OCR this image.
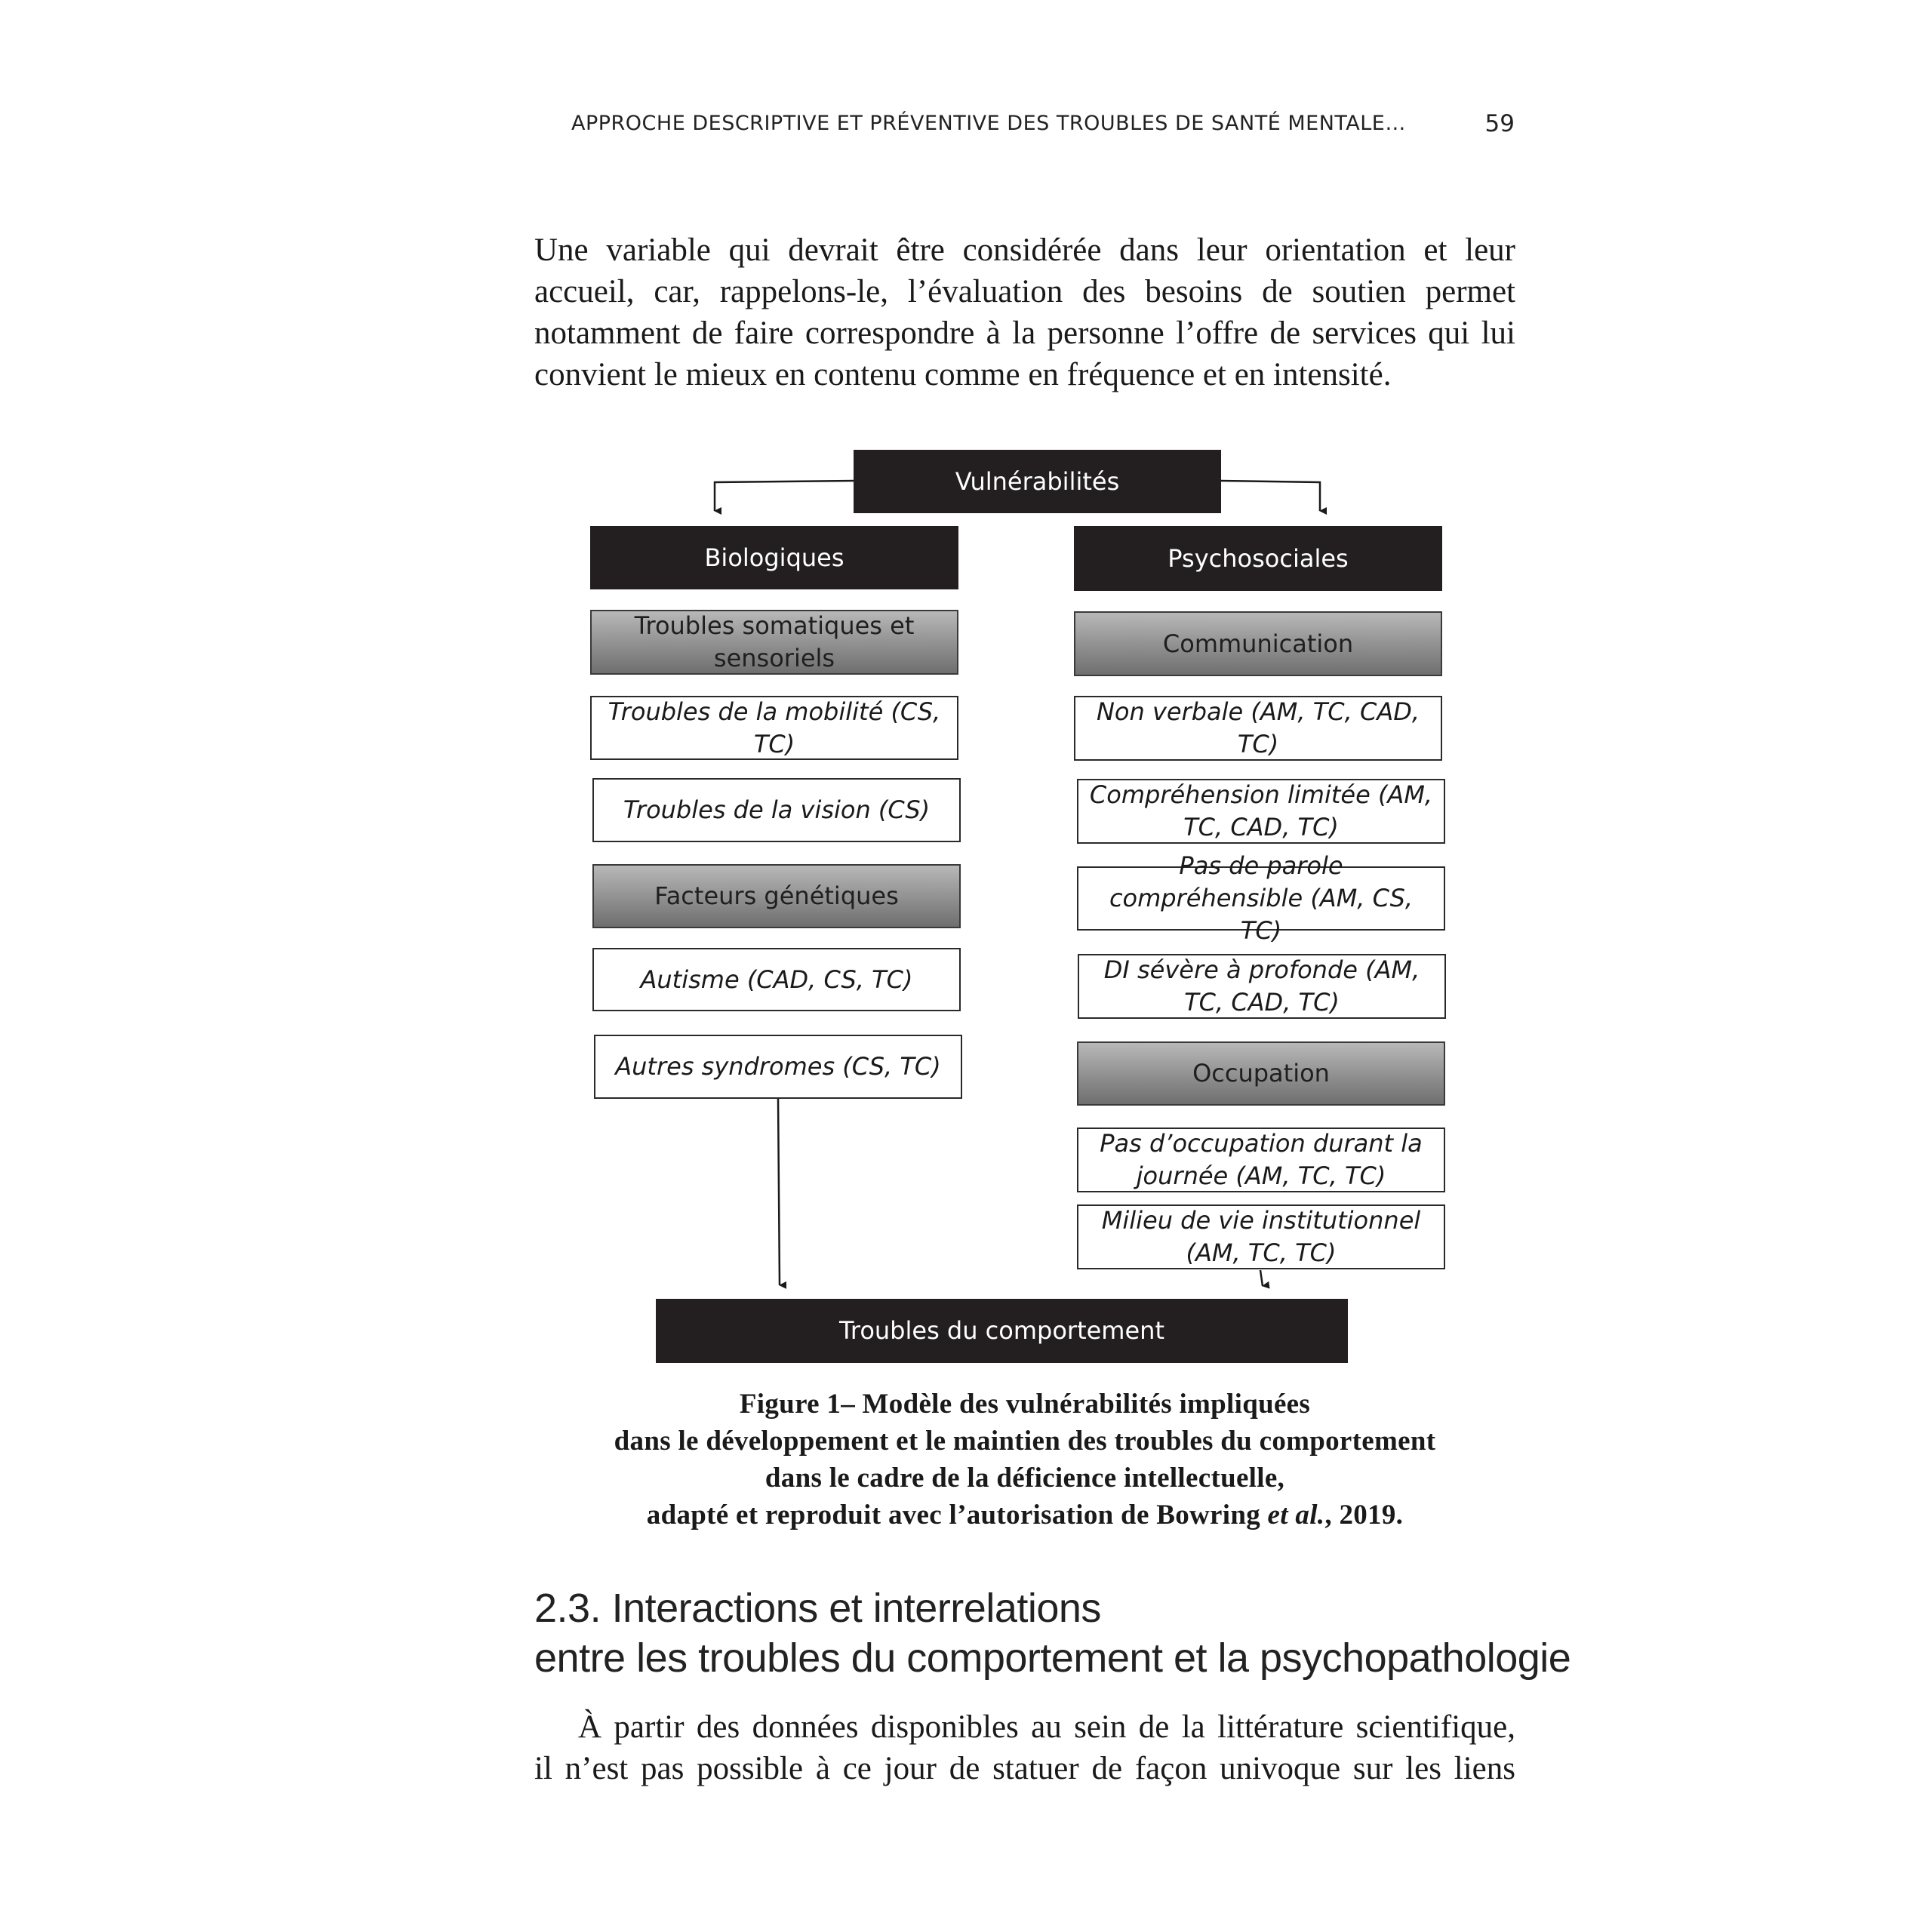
APPROCHE DESCRIPTIVE ET PRÉVENTIVE DES TROUBLES DE SANTÉ MENTALE…	59

Une variable qui devrait être considérée dans leur orientation et leur

accueil, car, rappelons-le, l’évaluation des besoins de soutien permet

notamment de faire correspondre à la personne l’offre de services qui lui

convient le mieux en contenu comme en fréquence et en intensité.

Vulnérabilités
Biologiques
Troubles somatiques et sensoriels
Troubles de la mobilité (CS, TC)
Troubles de la vision (CS)
Facteurs génétiques
Autisme (CAD, CS, TC)
Autres syndromes (CS, TC)
Psychosociales
Communication
Non verbale (AM, TC, CAD, TC)
Compréhension limitée (AM, TC, CAD, TC)
Pas de parole compréhensible (AM, CS, TC)
DI sévère à profonde (AM, TC, CAD, TC)
Occupation
Pas d’occupation durant la journée (AM, TC, TC)
Milieu de vie institutionnel (AM, TC, TC)
Troubles du comportement

Figure 1– Modèle des vulnérabilités impliquées
dans le développement et le maintien des troubles du comportement
dans le cadre de la déficience intellectuelle,
adapté et reproduit avec l’autorisation de Bowring et al., 2019.

2.3. Interactions et interrelations
entre les troubles du comportement et la psychopathologie

À partir des données disponibles au sein de la littérature scientifique,

il n’est pas possible à ce jour de statuer de façon univoque sur les liens
